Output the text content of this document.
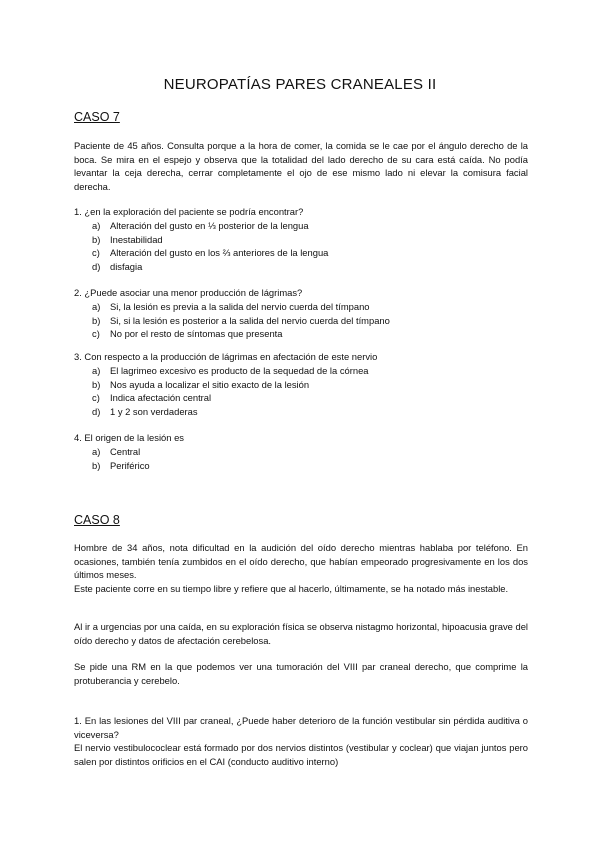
NEUROPATÍAS PARES CRANEALES II
CASO 7

Paciente de 45 años. Consulta porque a la hora de comer, la comida se le cae por el ángulo derecho de la boca. Se mira en el espejo y observa que la totalidad del lado derecho de su cara está caída. No podía levantar la ceja derecha, cerrar completamente el ojo de ese mismo lado ni elevar la comisura facial derecha.

1. ¿en la exploración del paciente se podría encontrar?

a)	Alteración del gusto en ⅓ posterior de la lengua
b)	Inestabilidad
c)	Alteración del gusto en los ⅔ anteriores de la lengua
d)	disfagia

2. ¿Puede asociar una menor producción de lágrimas?

a)	Si, la lesión es previa a la salida del nervio cuerda del tímpano
b)	Si, si la lesión es posterior a la salida del nervio cuerda del tímpano
c)	No por el resto de síntomas que presenta

3. Con respecto a la producción de lágrimas en afectación de este nervio

a)	El lagrimeo excesivo es producto de la sequedad de la córnea
b)	Nos ayuda a localizar el sitio exacto de la lesión
c)	Indica afectación central
d)	1 y 2 son verdaderas

4. El origen de la lesión es

a)	Central
b)	Periférico
CASO 8

Hombre de 34 años, nota dificultad en la audición del oído derecho mientras hablaba por teléfono. En ocasiones, también tenía zumbidos en el oído derecho, que habían empeorado progresivamente en los dos últimos meses.

Este paciente corre en su tiempo libre y refiere que al hacerlo, últimamente, se ha notado más inestable.

Al ir a urgencias por una caída, en su exploración física se observa nistagmo horizontal, hipoacusia grave del oído derecho y datos de afectación cerebelosa.

Se pide una RM en la que podemos ver una tumoración del VIII par craneal derecho, que comprime la protuberancia y cerebelo.

1. En las lesiones del VIII par craneal, ¿Puede haber deterioro de la función vestibular sin pérdida auditiva o viceversa?

El nervio vestibulococlear está formado por dos nervios distintos (vestibular y coclear) que viajan juntos pero salen por distintos orificios en el CAI (conducto auditivo interno)
